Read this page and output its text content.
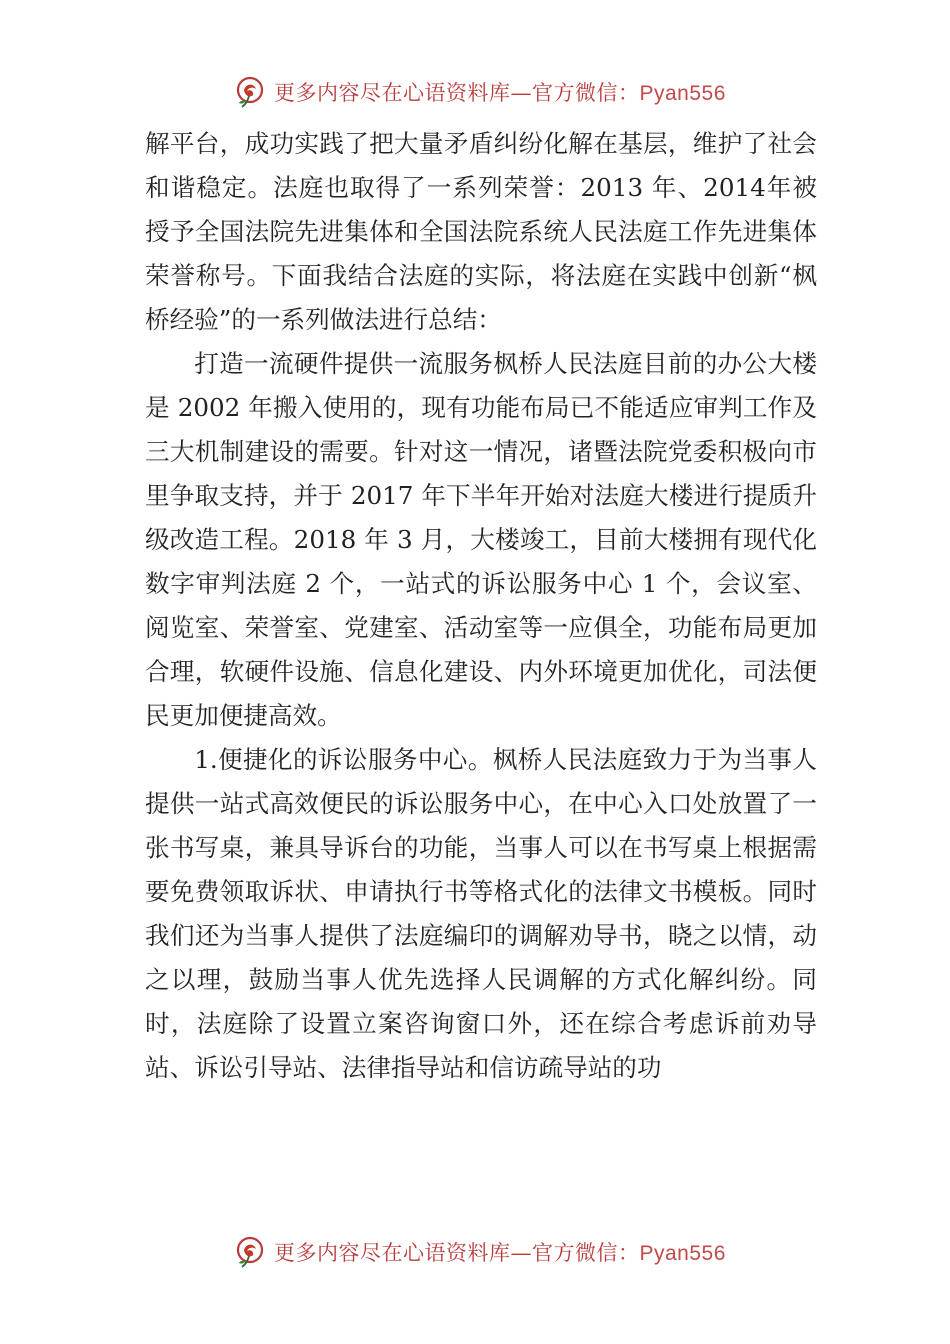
更多内容尽在心语资料库—官方微信：Pyan556

解平台，成功实践了把大量矛盾纠纷化解在基层，维护了社会和谐稳定。法庭也取得了一系列荣誉：2013 年、2014年被授予全国法院先进集体和全国法院系统人民法庭工作先进集体荣誉称号。下面我结合法庭的实际，将法庭在实践中创新“枫桥经验”的一系列做法进行总结：

打造一流硬件提供一流服务枫桥人民法庭目前的办公大楼是 2002 年搬入使用的，现有功能布局已不能适应审判工作及三大机制建设的需要。针对这一情况，诸暨法院党委积极向市里争取支持，并于 2017 年下半年开始对法庭大楼进行提质升级改造工程。2018 年 3 月，大楼竣工，目前大楼拥有现代化数字审判法庭 2 个，一站式的诉讼服务中心 1 个，会议室、阅览室、荣誉室、党建室、活动室等一应俱全，功能布局更加合理，软硬件设施、信息化建设、内外环境更加优化，司法便民更加便捷高效。

1.便捷化的诉讼服务中心。枫桥人民法庭致力于为当事人提供一站式高效便民的诉讼服务中心，在中心入口处放置了一张书写桌，兼具导诉台的功能，当事人可以在书写桌上根据需要免费领取诉状、申请执行书等格式化的法律文书模板。同时我们还为当事人提供了法庭编印的调解劝导书，晓之以情，动之以理，鼓励当事人优先选择人民调解的方式化解纠纷。同时，法庭除了设置立案咨询窗口外，还在综合考虑诉前劝导站、诉讼引导站、法律指导站和信访疏导站的功

更多内容尽在心语资料库—官方微信：Pyan556
